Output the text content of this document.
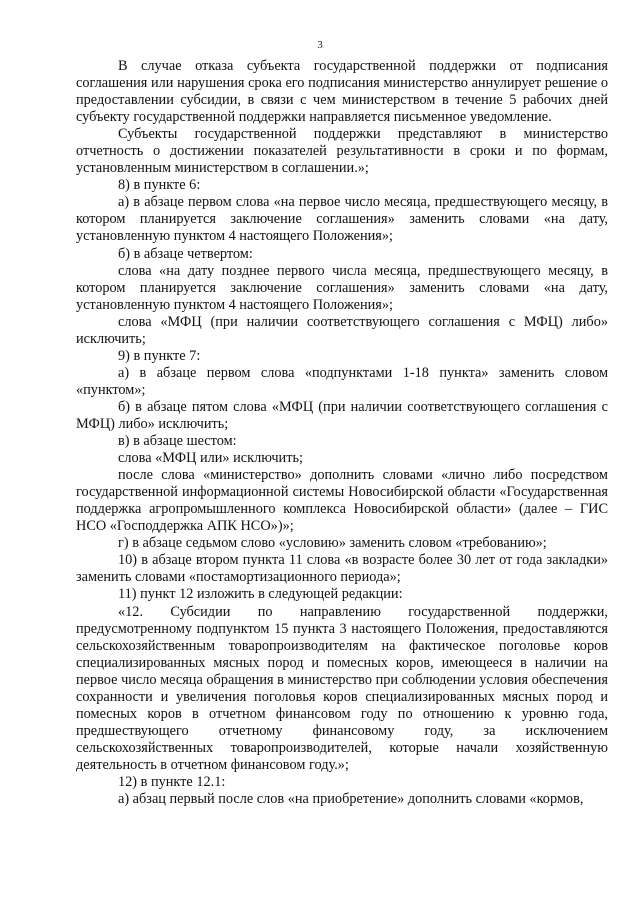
3

В случае отказа субъекта государственной поддержки от подписания соглашения или нарушения срока его подписания министерство аннулирует решение о предоставлении субсидии, в связи с чем министерством в течение 5 рабочих дней субъекту государственной поддержки направляется письменное уведомление.

Субъекты государственной поддержки представляют в министерство отчетность о достижении показателей результативности в сроки и по формам, установленным министерством в соглашении.»;

8) в пункте 6:

а) в абзаце первом слова «на первое число месяца, предшествующего месяцу, в котором планируется заключение соглашения» заменить словами «на дату, установленную пунктом 4 настоящего Положения»;

б) в абзаце четвертом:

слова «на дату позднее первого числа месяца, предшествующего месяцу, в котором планируется заключение соглашения» заменить словами «на дату, установленную пунктом 4 настоящего Положения»;

слова «МФЦ (при наличии соответствующего соглашения с МФЦ) либо» исключить;

9) в пункте 7:

а) в абзаце первом слова «подпунктами 1-18 пункта» заменить словом «пунктом»;

б) в абзаце пятом слова «МФЦ (при наличии соответствующего соглашения с МФЦ) либо» исключить;

в) в абзаце шестом:

слова «МФЦ или» исключить;

после слова «министерство» дополнить словами «лично либо посредством государственной информационной системы Новосибирской области «Государственная поддержка агропромышленного комплекса Новосибирской области» (далее – ГИС НСО «Господдержка АПК НСО»)»;

г) в абзаце седьмом слово «условию» заменить словом «требованию»;

10) в абзаце втором пункта 11 слова «в возрасте более 30 лет от года закладки» заменить словами «постамортизационного периода»;

11) пункт 12 изложить в следующей редакции:

«12. Субсидии по направлению государственной поддержки, предусмотренному подпунктом 15 пункта 3 настоящего Положения, предоставляются сельскохозяйственным товаропроизводителям на фактическое поголовье коров специализированных мясных пород и помесных коров, имеющееся в наличии на первое число месяца обращения в министерство при соблюдении условия обеспечения сохранности и увеличения поголовья коров специализированных мясных пород и помесных коров в отчетном финансовом году по отношению к уровню года, предшествующего отчетному финансовому году, за исключением сельскохозяйственных товаропроизводителей, которые начали хозяйственную деятельность в отчетном финансовом году.»;

12) в пункте 12.1:

а) абзац первый после слов «на приобретение» дополнить словами «кормов,
